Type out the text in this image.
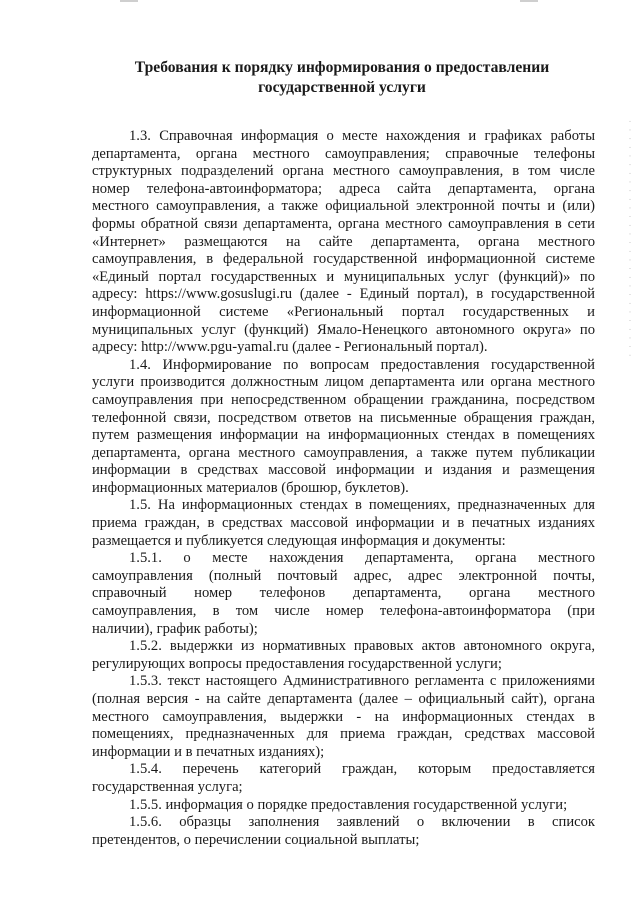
Требования к порядку информирования о предоставлении
государственной услуги
1.3. Справочная информация о месте нахождения и графиках работы
департамента, органа местного самоуправления; справочные телефоны
структурных подразделений органа местного самоуправления, в том числе
номер телефона-автоинформатора; адреса сайта департамента, органа
местного самоуправления, а также официальной электронной почты и (или)
формы обратной связи департамента, органа местного самоуправления в сети
«Интернет» размещаются на сайте департамента, органа местного
самоуправления, в федеральной государственной информационной системе
«Единый портал государственных и муниципальных услуг (функций)» по
адресу: https://www.gosuslugi.ru (далее - Единый портал), в государственной
информационной системе «Региональный портал государственных и
муниципальных услуг (функций) Ямало-Ненецкого автономного округа» по
адресу: http://www.pgu-yamal.ru (далее - Региональный портал).
1.4. Информирование по вопросам предоставления государственной
услуги производится должностным лицом департамента или органа местного
самоуправления при непосредственном обращении гражданина, посредством
телефонной связи, посредством ответов на письменные обращения граждан,
путем размещения информации на информационных стендах в помещениях
департамента, органа местного самоуправления, а также путем публикации
информации в средствах массовой информации и издания и размещения
информационных материалов (брошюр, буклетов).
1.5. На информационных стендах в помещениях, предназначенных для
приема граждан, в средствах массовой информации и в печатных изданиях
размещается и публикуется следующая информация и документы:
1.5.1. о месте нахождения департамента, органа местного
самоуправления (полный почтовый адрес, адрес электронной почты,
справочный номер телефонов департамента, органа местного
самоуправления, в том числе номер телефона-автоинформатора (при
наличии), график работы);
1.5.2. выдержки из нормативных правовых актов автономного округа,
регулирующих вопросы предоставления государственной услуги;
1.5.3. текст настоящего Административного регламента с приложениями
(полная версия - на сайте департамента (далее – официальный сайт), органа
местного самоуправления, выдержки - на информационных стендах в
помещениях, предназначенных для приема граждан, средствах массовой
информации и в печатных изданиях);
1.5.4. перечень категорий граждан, которым предоставляется
государственная услуга;
1.5.5. информация о порядке предоставления государственной услуги;
1.5.6. образцы заполнения заявлений о включении в список
претендентов, о перечислении социальной выплаты;
· · · · · · · · · · · · · · · · · · · · · · · · · · · ·
